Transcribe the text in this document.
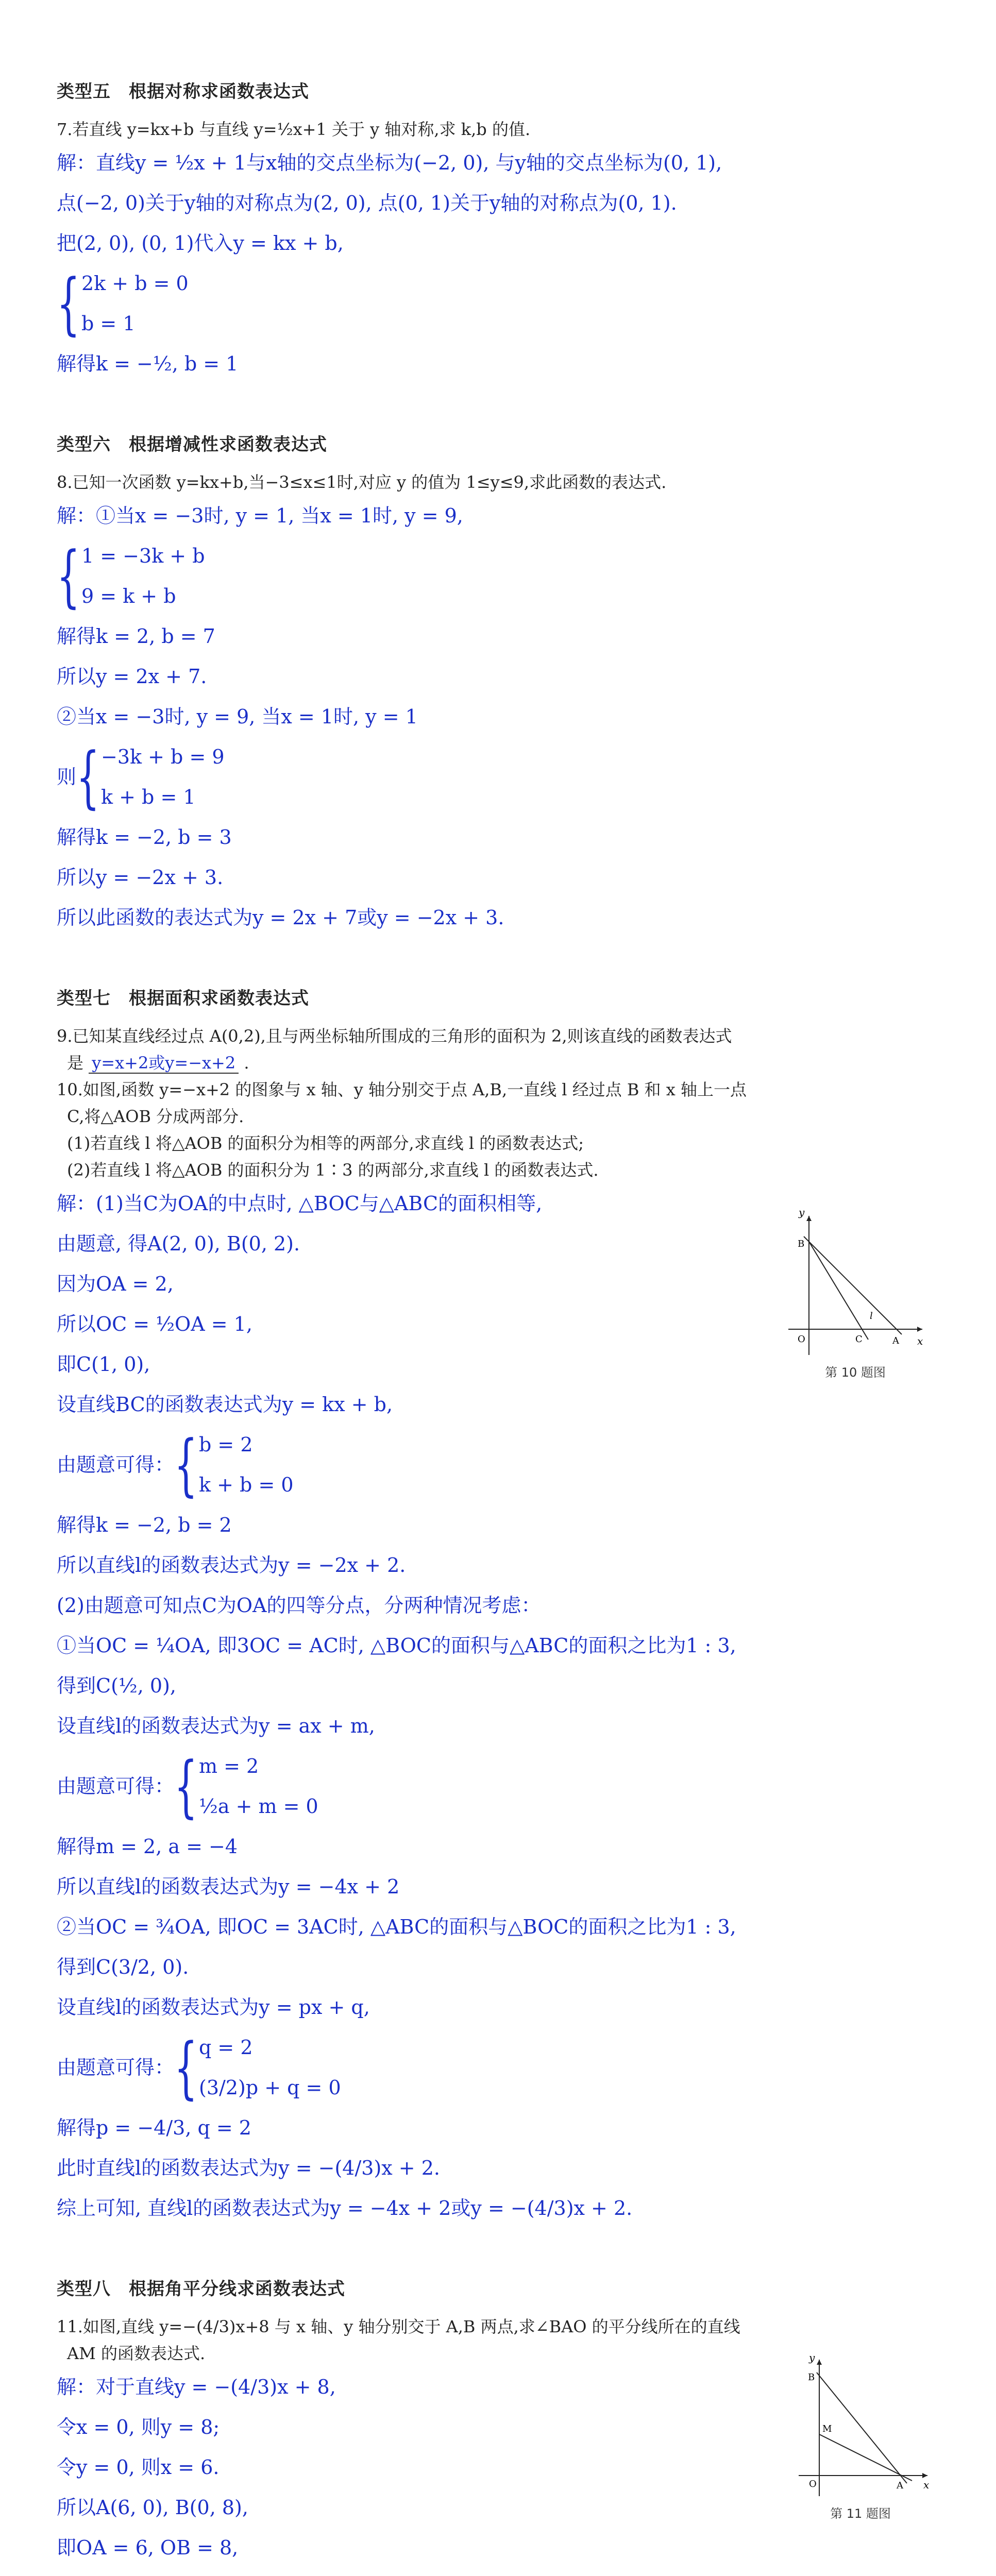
类型五　根据对称求函数表达式

7.若直线 y=kx+b 与直线 y=½x+1 关于 y 轴对称,求 k,b 的值.

解：直线y = ½x + 1与x轴的交点坐标为(−2, 0), 与y轴的交点坐标为(0, 1),
点(−2, 0)关于y轴的对称点为(2, 0), 点(0, 1)关于y轴的对称点为(0, 1).
把(2, 0), (0, 1)代入y = kx + b,
{ 2k + b = 0
b = 1
解得k = −½, b = 1
类型六　根据增减性求函数表达式

8.已知一次函数 y=kx+b,当−3≤x≤1时,对应 y 的值为 1≤y≤9,求此函数的表达式.

解：①当x = −3时, y = 1, 当x = 1时, y = 9,
{ 1 = −3k + b
9 = k + b
解得k = 2, b = 7
所以y = 2x + 7.
②当x = −3时, y = 9, 当x = 1时, y = 1
则 { −3k + b = 9
k + b = 1
解得k = −2, b = 3
所以y = −2x + 3.
所以此函数的表达式为y = 2x + 7或y = −2x + 3.
类型七　根据面积求函数表达式

9.已知某直线经过点 A(0,2),且与两坐标轴所围成的三角形的面积为 2,则该直线的函数表达式

是 y=x+2或y=−x+2 .

10.如图,函数 y=−x+2 的图象与 x 轴、y 轴分别交于点 A,B,一直线 l 经过点 B 和 x 轴上一点

C,将△AOB 分成两部分.

(1)若直线 l 将△AOB 的面积分为相等的两部分,求直线 l 的函数表达式;

(2)若直线 l 将△AOB 的面积分为 1∶3 的两部分,求直线 l 的函数表达式.

y
x
O
B
C	A
l
第 10 题图
解：(1)当C为OA的中点时, △BOC与△ABC的面积相等,
由题意, 得A(2, 0), B(0, 2).
因为OA = 2,
所以OC = ½OA = 1,
即C(1, 0),
设直线BC的函数表达式为y = kx + b,
由题意可得： { b = 2
k + b = 0
解得k = −2, b = 2
所以直线l的函数表达式为y = −2x + 2.
(2)由题意可知点C为OA的四等分点，分两种情况考虑：
①当OC = ¼OA, 即3OC = AC时, △BOC的面积与△ABC的面积之比为1 : 3,
得到C(½, 0),
设直线l的函数表达式为y = ax + m,
由题意可得： { m = 2
½a + m = 0
解得m = 2, a = −4
所以直线l的函数表达式为y = −4x + 2
②当OC = ¾OA, 即OC = 3AC时, △ABC的面积与△BOC的面积之比为1 : 3,
得到C(3/2, 0).
设直线l的函数表达式为y = px + q,
由题意可得： { q = 2
(3/2)p + q = 0
解得p = −4/3, q = 2
此时直线l的函数表达式为y = −(4/3)x + 2.
综上可知, 直线l的函数表达式为y = −4x + 2或y = −(4/3)x + 2.
类型八　根据角平分线求函数表达式

11.如图,直线 y=−(4/3)x+8 与 x 轴、y 轴分别交于 A,B 两点,求∠BAO 的平分线所在的直线

AM 的函数表达式.	y
x
O
B
M
A
第 11 题图
解：对于直线y = −(4/3)x + 8,
令x = 0, 则y = 8;
令y = 0, 则x = 6.
所以A(6, 0), B(0, 8),
即OA = 6, OB = 8,
